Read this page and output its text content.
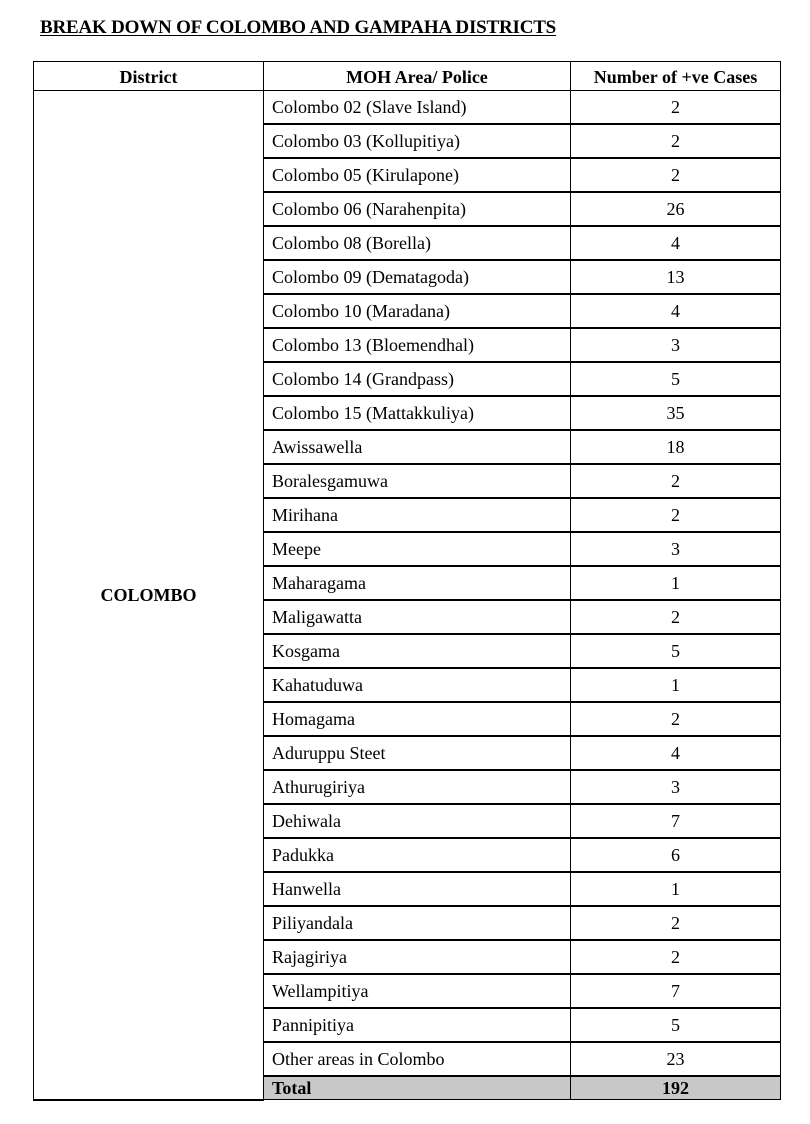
BREAK DOWN OF COLOMBO AND GAMPAHA DISTRICTS
District	MOH Area/ Police	Number of +ve Cases
COLOMBO	Colombo 02 (Slave Island)	2
	Colombo 03 (Kollupitiya)	2
	Colombo 05 (Kirulapone)	2
	Colombo 06 (Narahenpita)	26
	Colombo 08 (Borella)	4
	Colombo 09 (Dematagoda)	13
	Colombo 10 (Maradana)	4
	Colombo 13 (Bloemendhal)	3
	Colombo 14 (Grandpass)	5
	Colombo 15 (Mattakkuliya)	35
	Awissawella	18
	Boralesgamuwa	2
	Mirihana	2
	Meepe	3
	Maharagama	1
	Maligawatta	2
	Kosgama	5
	Kahatuduwa	1
	Homagama	2
	Aduruppu Steet	4
	Athurugiriya	3
	Dehiwala	7
	Padukka	6
	Hanwella	1
	Piliyandala	2
	Rajagiriya	2
	Wellampitiya	7
	Pannipitiya	5
	Other areas in Colombo	23
	Total	192
